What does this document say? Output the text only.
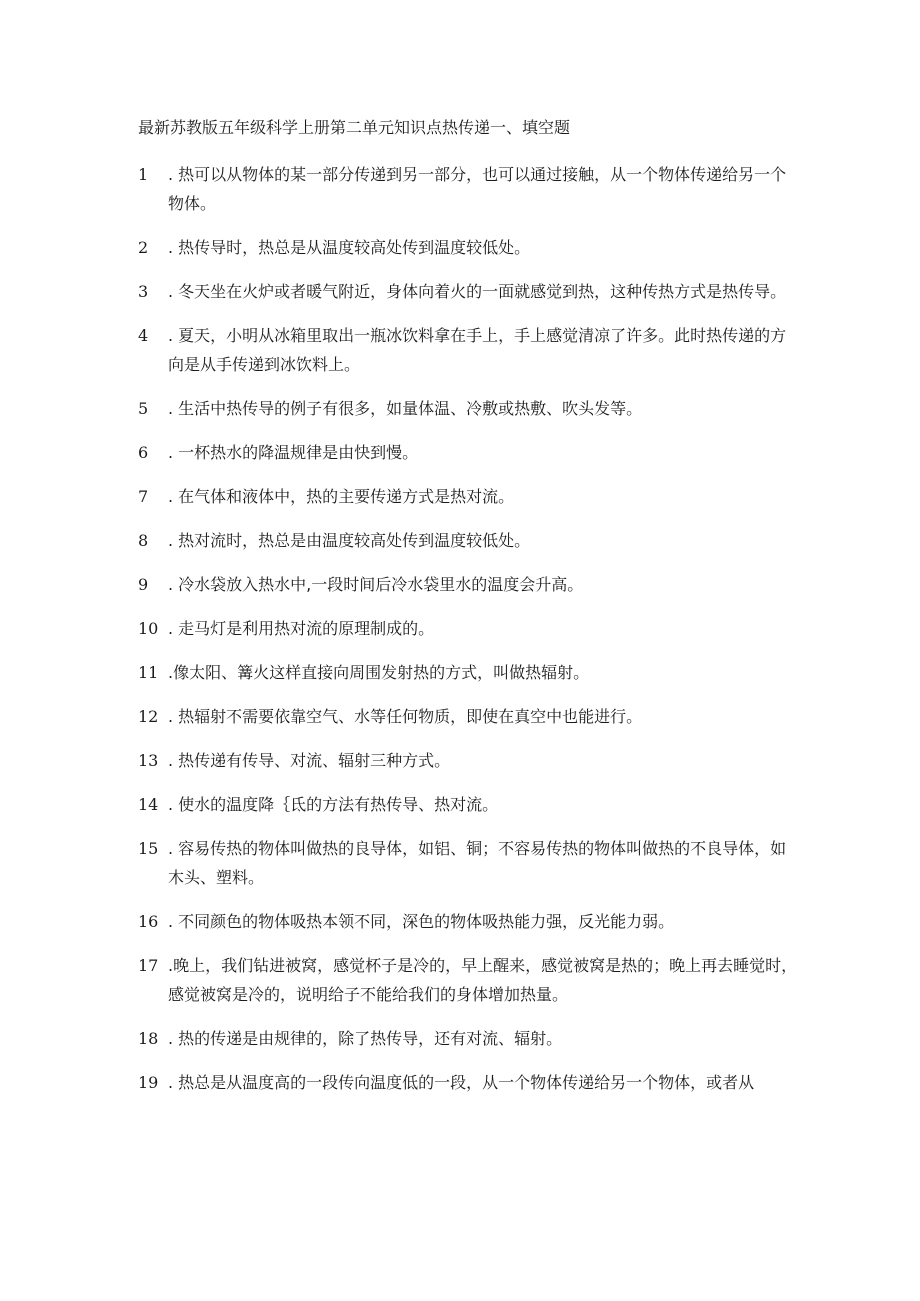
最新苏教版五年级科学上册第二单元知识点热传递一、填空题
1 . 热可以从物体的某一部分传递到另一部分，也可以通过接触，从一个物体传递给另一个物体。
2 . 热传导时，热总是从温度较高处传到温度较低处。
3 . 冬天坐在火炉或者暖气附近，身体向着火的一面就感觉到热，这种传热方式是热传导。
4 . 夏天，小明从冰箱里取出一瓶冰饮料拿在手上，手上感觉清凉了许多。此时热传递的方向是从手传递到冰饮料上。
5 . 生活中热传导的例子有很多，如量体温、冷敷或热敷、吹头发等。
6 . 一杯热水的降温规律是由快到慢。
7 . 在气体和液体中，热的主要传递方式是热对流。
8 . 热对流时，热总是由温度较高处传到温度较低处。
9 . 冷水袋放入热水中,一段时间后冷水袋里水的温度会升高。
10 . 走马灯是利用热对流的原理制成的。
11 .像太阳、篝火这样直接向周围发射热的方式，叫做热辐射。
12 . 热辐射不需要依靠空气、水等任何物质，即使在真空中也能进行。
13 . 热传递有传导、对流、辐射三种方式。
14 . 使水的温度降｛氐的方法有热传导、热对流。
15 . 容易传热的物体叫做热的良导体，如铝、铜；不容易传热的物体叫做热的不良导体，如木头、塑料。
16 . 不同颜色的物体吸热本领不同，深色的物体吸热能力强，反光能力弱。
17 .晚上，我们钻进被窝，感觉杯子是冷的，早上醒来，感觉被窝是热的；晚上再去睡觉时，感觉被窝是冷的，说明给子不能给我们的身体增加热量。
18 . 热的传递是由规律的，除了热传导，还有对流、辐射。
19 . 热总是从温度高的一段传向温度低的一段，从一个物体传递给另一个物体，或者从
